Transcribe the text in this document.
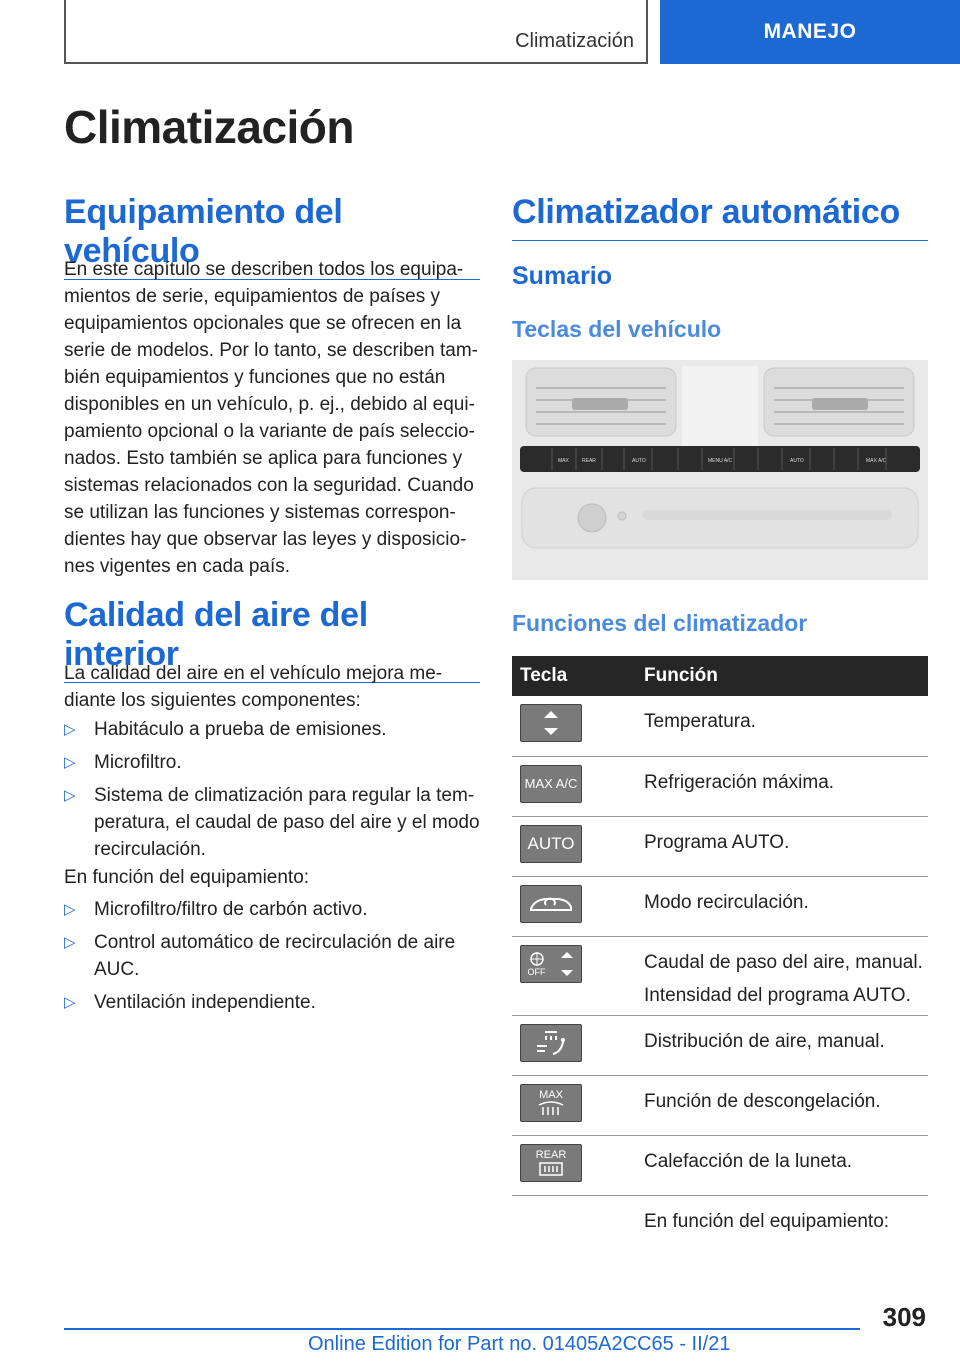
Climatización	MANEJO
Climatización
Equipamiento del vehículo
En este capítulo se describen todos los equipa‐ mientos de serie, equipamientos de países y equipamientos opcionales que se ofrecen en la serie de modelos. Por lo tanto, se describen tam‐ bién equipamientos y funciones que no están disponibles en un vehículo, p. ej., debido al equi‐ pamiento opcional o la variante de país seleccio‐ nados. Esto también se aplica para funciones y sistemas relacionados con la seguridad. Cuando se utilizan las funciones y sistemas correspon‐ dientes hay que observar las leyes y disposicio‐ nes vigentes en cada país.
Calidad del aire del interior
La calidad del aire en el vehículo mejora me‐ diante los siguientes componentes:
▷ Habitáculo a prueba de emisiones.
▷ Microfiltro.
▷ Sistema de climatización para regular la tem‐ peratura, el caudal de paso del aire y el modo recirculación.
En función del equipamiento:
▷ Microfiltro/filtro de carbón activo.
▷ Control automático de recirculación de aire AUC.
▷ Ventilación independiente.
Climatizador automático
Sumario
Teclas del vehículo
MAX	REAR	AUTO	MENU A/C	AUTO	MAX A/C
Funciones del climatizador
Tecla	Función

	Temperatura.

MAX A/C	Refrigeración máxima.

AUTO	Programa AUTO.

	Modo recirculación.

OFF	Caudal de paso del aire, manual.

Intensidad del programa AUTO.

	Distribución de aire, manual.

MAX	Función de descongelación.

REAR	Calefacción de la luneta.
	En función del equipamiento:
309
Online Edition for Part no. 01405A2CC65 - II/21
